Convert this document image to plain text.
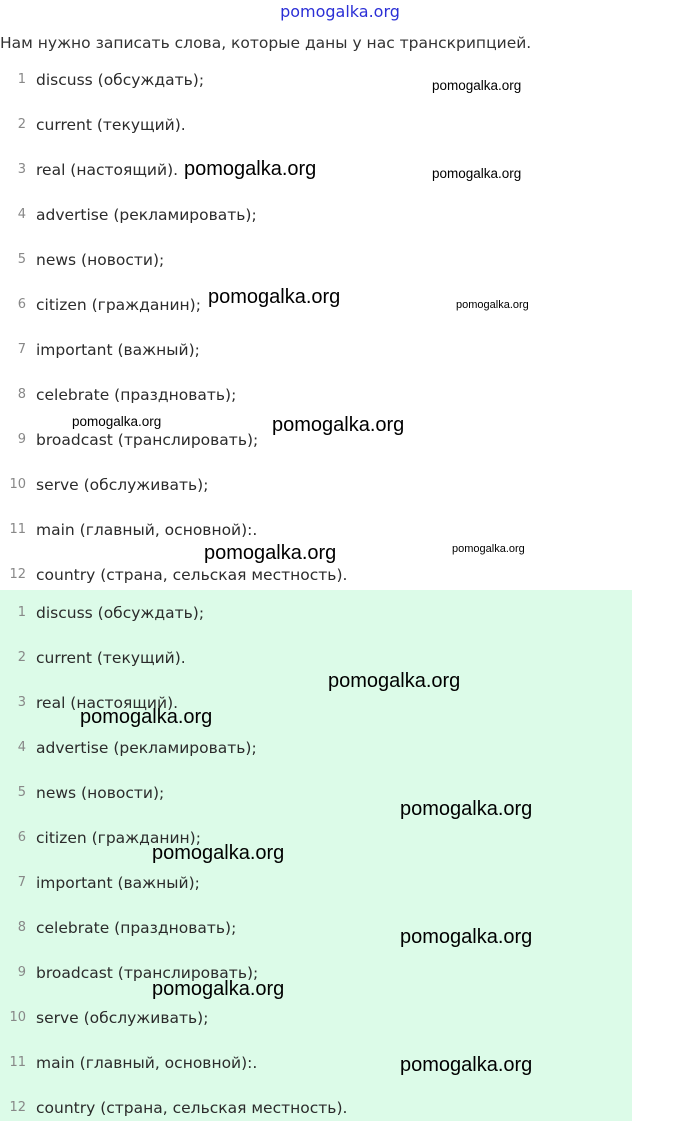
pomogalka.org
Нам нужно записать слова, которые даны у нас транскрипцией.
1 discuss (обсуждать);
2 current (текущий).
3 real (настоящий).
4 advertise (рекламировать);
5 news (новости);
6 citizen (гражданин);
7 important (важный);
8 celebrate (праздновать);
9 broadcast (транслировать);
10 serve (обслуживать);
11 main (главный, основной):.
12 country (страна, сельская местность).
1 discuss (обсуждать);
2 current (текущий).
3 real (настоящий).
4 advertise (рекламировать);
5 news (новости);
6 citizen (гражданин);
7 important (важный);
8 celebrate (праздновать);
9 broadcast (транслировать);
10 serve (обслуживать);
11 main (главный, основной):.
12 country (страна, сельская местность).
pomogalka.org
pomogalka.org	pomogalka.org
pomogalka.org	pomogalka.org
pomogalka.org	pomogalka.org
pomogalka.org	pomogalka.org
pomogalka.org
pomogalka.org
pomogalka.org
pomogalka.org
pomogalka.org
pomogalka.org
pomogalka.org
